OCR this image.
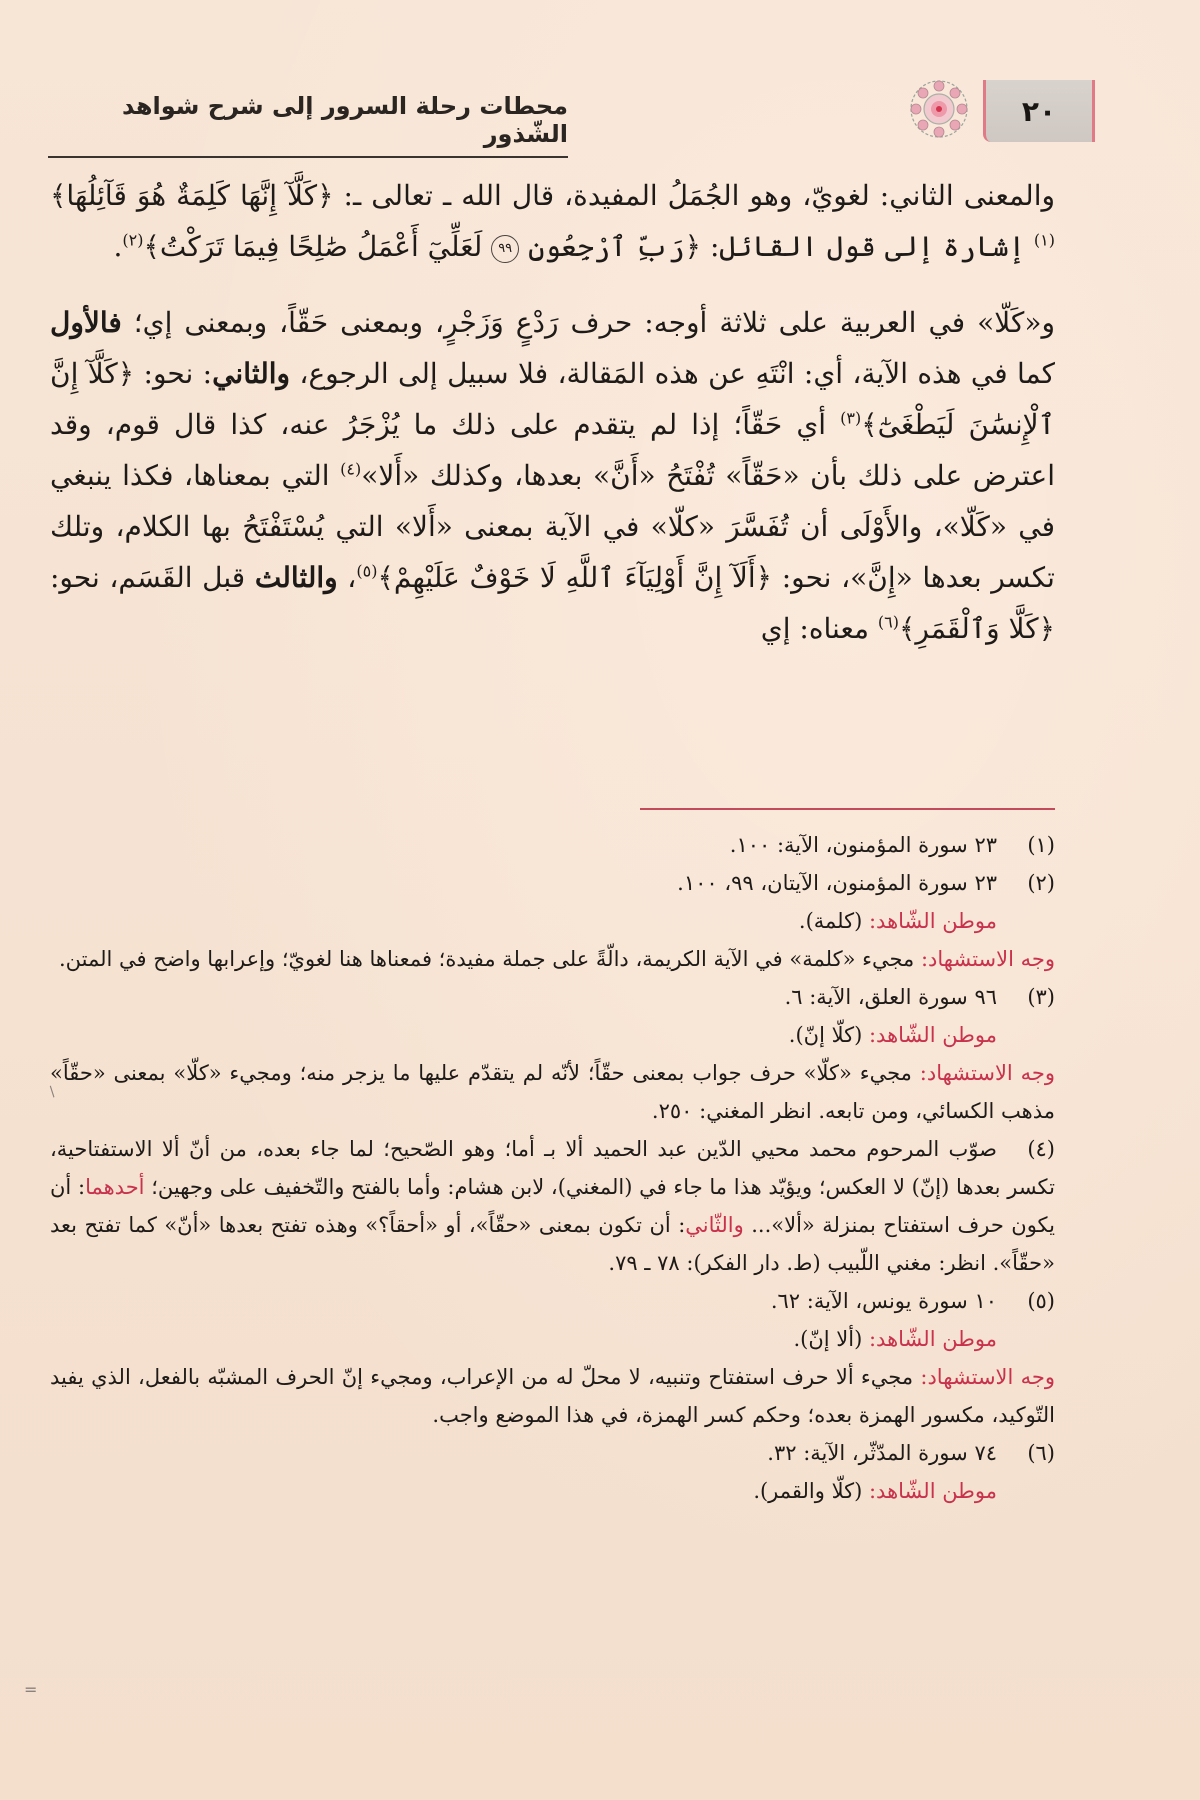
٢٠
محطات رحلة السرور إلى شرح شواهد الشّذور

والمعنى الثاني: لغويّ، وهو الجُمَلُ المفيدة، قال الله ـ تعالى ـ: ﴿كَلَّآ إِنَّهَا كَلِمَةٌ هُوَ قَآئِلُهَا﴾$^{(١)}$ إشارة إلى قول القائل: ﴿رَبِّ ٱرْجِعُونِ ٩٩ لَعَلِّيٓ أَعْمَلُ صَٰلِحًا فِيمَا تَرَكْتُ﴾$^{(٢)}$.

و«كَلّا» في العربية على ثلاثة أوجه: حرف رَدْعٍ وَزَجْرٍ، وبمعنى حَقّاً، وبمعنى إي؛ فالأول كما في هذه الآية، أي: انْتَهِ عن هذه المَقالة، فلا سبيل إلى الرجوع، والثاني: نحو: ﴿كَلَّآ إِنَّ ٱلْإِنسَٰنَ لَيَطْغَىٰٓ﴾$^{(٣)}$ أي حَقّاً؛ إذا لم يتقدم على ذلك ما يُزْجَرُ عنه، كذا قال قوم، وقد اعترض على ذلك بأن «حَقّاً» تُفْتَحُ «أَنَّ» بعدها، وكذلك «أَلا»$^{(٤)}$ التي بمعناها، فكذا ينبغي في «كَلّا»، والأَوْلَى أن تُفَسَّرَ «كلّا» في الآية بمعنى «أَلا» التي يُسْتَفْتَحُ بها الكلام، وتلك تكسر بعدها «إِنَّ»، نحو: ﴿أَلَآ إِنَّ أَوْلِيَآءَ ٱللَّهِ لَا خَوْفٌ عَلَيْهِمْ﴾$^{(٥)}$، والثالث قبل القَسَم، نحو: ﴿كَلَّا وَٱلْقَمَرِ﴾$^{(٦)}$ معناه: إي

(١)
٢٣ سورة المؤمنون، الآية: ١٠٠.
(٢)
٢٣ سورة المؤمنون، الآيتان، ٩٩، ١٠٠.
موطن الشّاهد: (كلمة).
وجه الاستشهاد: مجيء «كلمة» في الآية الكريمة، دالّةً على جملة مفيدة؛ فمعناها هنا لغويّ؛ وإعرابها واضح في المتن.
(٣)
٩٦ سورة العلق، الآية: ٦.
موطن الشّاهد: (كلّا إنّ).
وجه الاستشهاد: مجيء «كلّا» حرف جواب بمعنى حقّاً؛ لأنّه لم يتقدّم عليها ما يزجر منه؛ ومجيء «كلّا» بمعنى «حقّاً» مذهب الكسائي، ومن تابعه. انظر المغني: ٢٥٠.
(٤)
صوّب المرحوم محمد محيي الدّين عبد الحميد ألا بـ أما؛ وهو الصّحيح؛ لما جاء بعده، من أنّ ألا الاستفتاحية، تكسر بعدها (إنّ) لا العكس؛ ويؤيّد هذا ما جاء في (المغني)، لابن هشام: وأما بالفتح والتّخفيف على وجهين؛ أحدهما: أن يكون حرف استفتاح بمنزلة «ألا»... والثّاني: أن تكون بمعنى «حقّاً»، أو «أحقاً؟» وهذه تفتح بعدها «أنّ» كما تفتح بعد «حقّاً». انظر: مغني اللّبيب (ط. دار الفكر): ٧٨ ـ ٧٩.
(٥)
١٠ سورة يونس، الآية: ٦٢.
موطن الشّاهد: (ألا إنّ).
وجه الاستشهاد: مجيء ألا حرف استفتاح وتنبيه، لا محلّ له من الإعراب، ومجيء إنّ الحرف المشبّه بالفعل، الذي يفيد التّوكيد، مكسور الهمزة بعده؛ وحكم كسر الهمزة، في هذا الموضع واجب.
(٦)
٧٤ سورة المدّثّر، الآية: ٣٢.
موطن الشّاهد: (كلّا والقمر).
/
=
